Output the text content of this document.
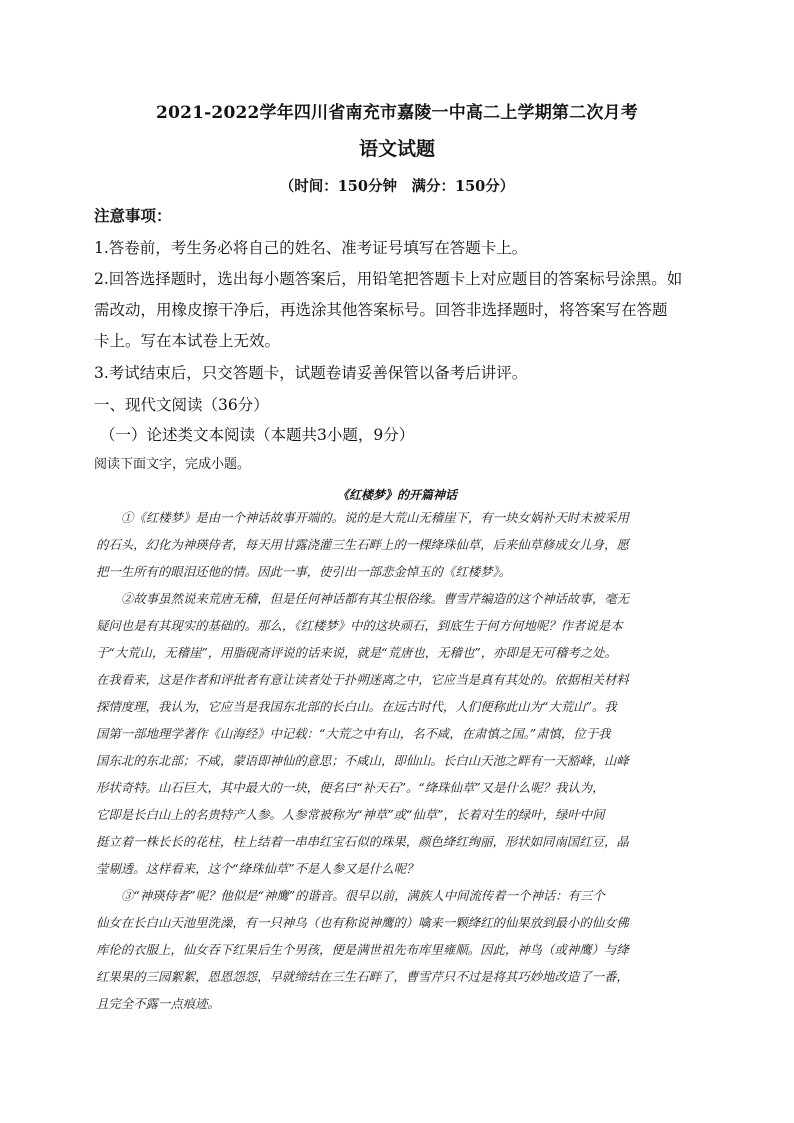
2021-2022学年四川省南充市嘉陵一中高二上学期第二次月考
语文试题
（时间：150分钟　满分：150分）
注意事项：
1.答卷前，考生务必将自己的姓名、准考证号填写在答题卡上。
2.回答选择题时，选出每小题答案后，用铅笔把答题卡上对应题目的答案标号涂黑。如
需改动，用橡皮擦干净后，再选涂其他答案标号。回答非选择题时，将答案写在答题
卡上。写在本试卷上无效。
3.考试结束后，只交答题卡，试题卷请妥善保管以备考后讲评。
一、现代文阅读（36分）
（一）论述类文本阅读（本题共3小题，9分）
阅读下面文字，完成小题。
《红楼梦》的开篇神话
①《红楼梦》是由一个神话故事开端的。说的是大荒山无稽崖下，有一块女娲补天时未被采用
的石头，幻化为神瑛侍者，每天用甘露浇灌三生石畔上的一棵绛珠仙草，后来仙草修成女儿身，愿
把一生所有的眼泪还他的情。因此一事，使引出一部悲金悼玉的《红楼梦》。
②故事虽然说来荒唐无稽，但是任何神话都有其尘根俗缘。曹雪芹编造的这个神话故事，毫无
疑问也是有其现实的基础的。那么，《红楼梦》中的这块顽石，到底生于何方何地呢？作者说是本
于“大荒山，无稽崖”，用脂砚斋评说的话来说，就是“荒唐也，无稽也”，亦即是无可稽考之处。
在我看来，这是作者和评批者有意让读者处于扑朔迷离之中，它应当是真有其处的。依据相关材料
探情度理，我认为，它应当是我国东北部的长白山。在远古时代，人们便称此山为“大荒山”。我
国第一部地理学著作《山海经》中记载：“大荒之中有山，名不咸，在肃慎之国。”肃慎，位于我
国东北的东北部；不咸，蒙语即神仙的意思；不咸山，即仙山。长白山天池之畔有一天豁峰，山峰
形状奇特。山石巨大，其中最大的一块，便名曰“补天石”。“绛珠仙草”又是什么呢？我认为，
它即是长白山上的名贵特产人参。人参常被称为“神草”或“仙草”，长着对生的绿叶，绿叶中间
挺立着一株长长的花柱，柱上结着一串串红宝石似的珠果，颜色绛红绚丽，形状如同南国红豆，晶
莹剔透。这样看来，这个“绛珠仙草”不是人参又是什么呢？
③“神瑛侍者”呢？他似是“神鹰”的谐音。很早以前，满族人中间流传着一个神话：有三个
仙女在长白山天池里洗澡，有一只神乌（也有称说神鹰的）噙来一颗绛红的仙果放到最小的仙女佛
库伦的衣服上，仙女吞下红果后生个男孩，便是满世祖先布库里雍顺。因此，神鸟（或神鹰）与绛
红果果的三园絮絮，恩恩怨怨，早就缔结在三生石畔了，曹雪芹只不过是将其巧妙地改造了一番，
且完全不露一点痕迹。
